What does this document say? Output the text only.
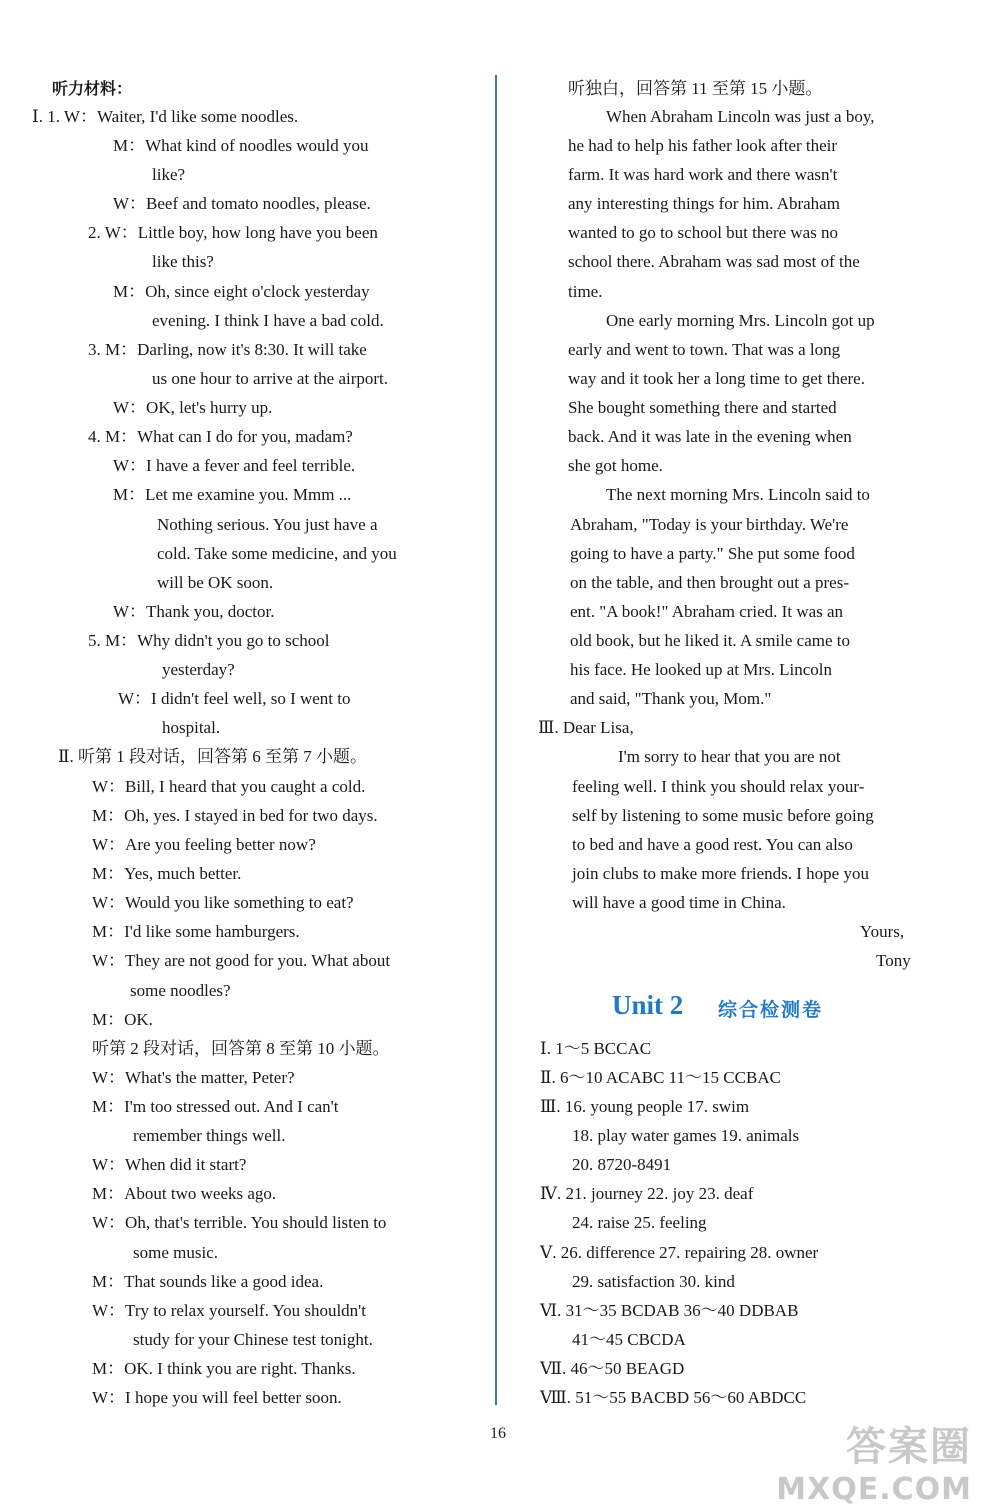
听力材料：
Ⅰ. 1. W：Waiter, I'd like some noodles.
M：What kind of noodles would you
like?
W：Beef and tomato noodles, please.
2. W：Little boy, how long have you been
like this?
M：Oh, since eight o'clock yesterday
evening. I think I have a bad cold.
3. M：Darling, now it's 8:30. It will take
us one hour to arrive at the airport.
W：OK, let's hurry up.
4. M：What can I do for you, madam?
W：I have a fever and feel terrible.
M：Let me examine you. Mmm ...
Nothing serious. You just have a
cold. Take some medicine, and you
will be OK soon.
W：Thank you, doctor.
5. M：Why didn't you go to school
yesterday?
W：I didn't feel well, so I went to
hospital.
Ⅱ. 听第 1 段对话，回答第 6 至第 7 小题。
W：Bill, I heard that you caught a cold.
M：Oh, yes. I stayed in bed for two days.
W：Are you feeling better now?
M：Yes, much better.
W：Would you like something to eat?
M：I'd like some hamburgers.
W：They are not good for you. What about
some noodles?
M：OK.
听第 2 段对话，回答第 8 至第 10 小题。
W：What's the matter, Peter?
M：I'm too stressed out. And I can't
remember things well.
W：When did it start?
M：About two weeks ago.
W：Oh, that's terrible. You should listen to
some music.
M：That sounds like a good idea.
W：Try to relax yourself. You shouldn't
study for your Chinese test tonight.
M：OK. I think you are right. Thanks.
W：I hope you will feel better soon.
听独白，回答第 11 至第 15 小题。
When Abraham Lincoln was just a boy,
he had to help his father look after their
farm. It was hard work and there wasn't
any interesting things for him. Abraham
wanted to go to school but there was no
school there. Abraham was sad most of the
time.
One early morning Mrs. Lincoln got up
early and went to town. That was a long
way and it took her a long time to get there.
She bought something there and started
back. And it was late in the evening when
she got home.
The next morning Mrs. Lincoln said to
Abraham, "Today is your birthday. We're
going to have a party." She put some food
on the table, and then brought out a pres-
ent. "A book!" Abraham cried. It was an
old book, but he liked it. A smile came to
his face. He looked up at Mrs. Lincoln
and said, "Thank you, Mom."
Ⅲ. Dear Lisa,
I'm sorry to hear that you are not
feeling well. I think you should relax your-
self by listening to some music before going
to bed and have a good rest. You can also
join clubs to make more friends. I hope you
will have a good time in China.
Yours,
Tony
Ⅰ. 1～5 BCCAC
Ⅱ. 6～10 ACABC 11～15 CCBAC
Ⅲ. 16. young people 17. swim
18. play water games 19. animals
20. 8720-8491
Ⅳ. 21. journey 22. joy 23. deaf
24. raise 25. feeling
Ⅴ. 26. difference 27. repairing 28. owner
29. satisfaction 30. kind
Ⅵ. 31～35 BCDAB 36～40 DDBAB
41～45 CBCDA
Ⅶ. 46～50 BEAGD
Ⅷ. 51～55 BACBD 56～60 ABDCC
Unit 2 综合检测卷
16	答案圈
MXQE.COM
